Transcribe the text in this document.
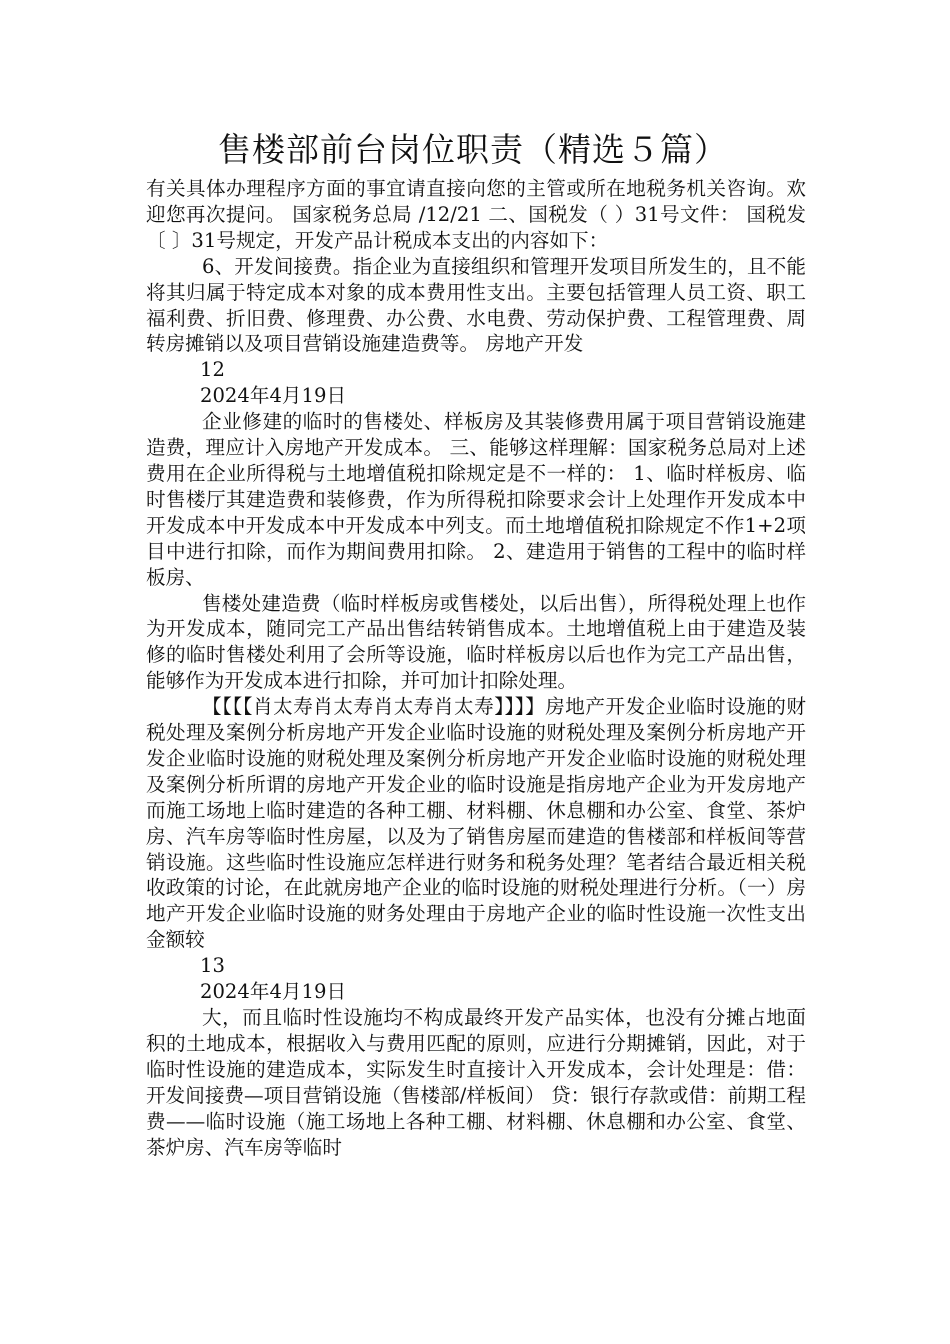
售楼部前台岗位职责（精选５篇）

有关具体办理程序方面的事宜请直接向您的主管或所在地税务机关咨询。欢迎您再次提问。 国家税务总局 /12/21 二、国税发（ ）31号文件： 国税发〔 〕31号规定，开发产品计税成本支出的内容如下：

6、开发间接费。指企业为直接组织和管理开发项目所发生的，且不能将其归属于特定成本对象的成本费用性支出。主要包括管理人员工资、职工福利费、折旧费、修理费、办公费、水电费、劳动保护费、工程管理费、周转房摊销以及项目营销设施建造费等。 房地产开发

12

2024年4月19日

企业修建的临时的售楼处、样板房及其装修费用属于项目营销设施建造费，理应计入房地产开发成本。 三、能够这样理解：国家税务总局对上述费用在企业所得税与土地增值税扣除规定是不一样的： 1、临时样板房、临时售楼厅其建造费和装修费，作为所得税扣除要求会计上处理作开发成本中开发成本中开发成本中开发成本中列支。而土地增值税扣除规定不作1+2项目中进行扣除，而作为期间费用扣除。 2、建造用于销售的工程中的临时样板房、

售楼处建造费（临时样板房或售楼处，以后出售），所得税处理上也作为开发成本，随同完工产品出售结转销售成本。土地增值税上由于建造及装修的临时售楼处利用了会所等设施，临时样板房以后也作为完工产品出售，能够作为开发成本进行扣除，并可加计扣除处理。

【【【【肖太寿肖太寿肖太寿肖太寿】】】】房地产开发企业临时设施的财税处理及案例分析房地产开发企业临时设施的财税处理及案例分析房地产开发企业临时设施的财税处理及案例分析房地产开发企业临时设施的财税处理及案例分析所谓的房地产开发企业的临时设施是指房地产企业为开发房地产而施工场地上临时建造的各种工棚、材料棚、休息棚和办公室、食堂、茶炉房、汽车房等临时性房屋，以及为了销售房屋而建造的售楼部和样板间等营销设施。这些临时性设施应怎样进行财务和税务处理？笔者结合最近相关税收政策的讨论，在此就房地产企业的临时设施的财税处理进行分析。（一）房地产开发企业临时设施的财务处理由于房地产企业的临时性设施一次性支出金额较

13

2024年4月19日

大，而且临时性设施均不构成最终开发产品实体，也没有分摊占地面积的土地成本，根据收入与费用匹配的原则，应进行分期摊销，因此，对于临时性设施的建造成本，实际发生时直接计入开发成本，会计处理是：借：开发间接费—项目营销设施（售楼部/样板间） 贷：银行存款或借：前期工程费——临时设施（施工场地上各种工棚、材料棚、休息棚和办公室、食堂、茶炉房、汽车房等临时
